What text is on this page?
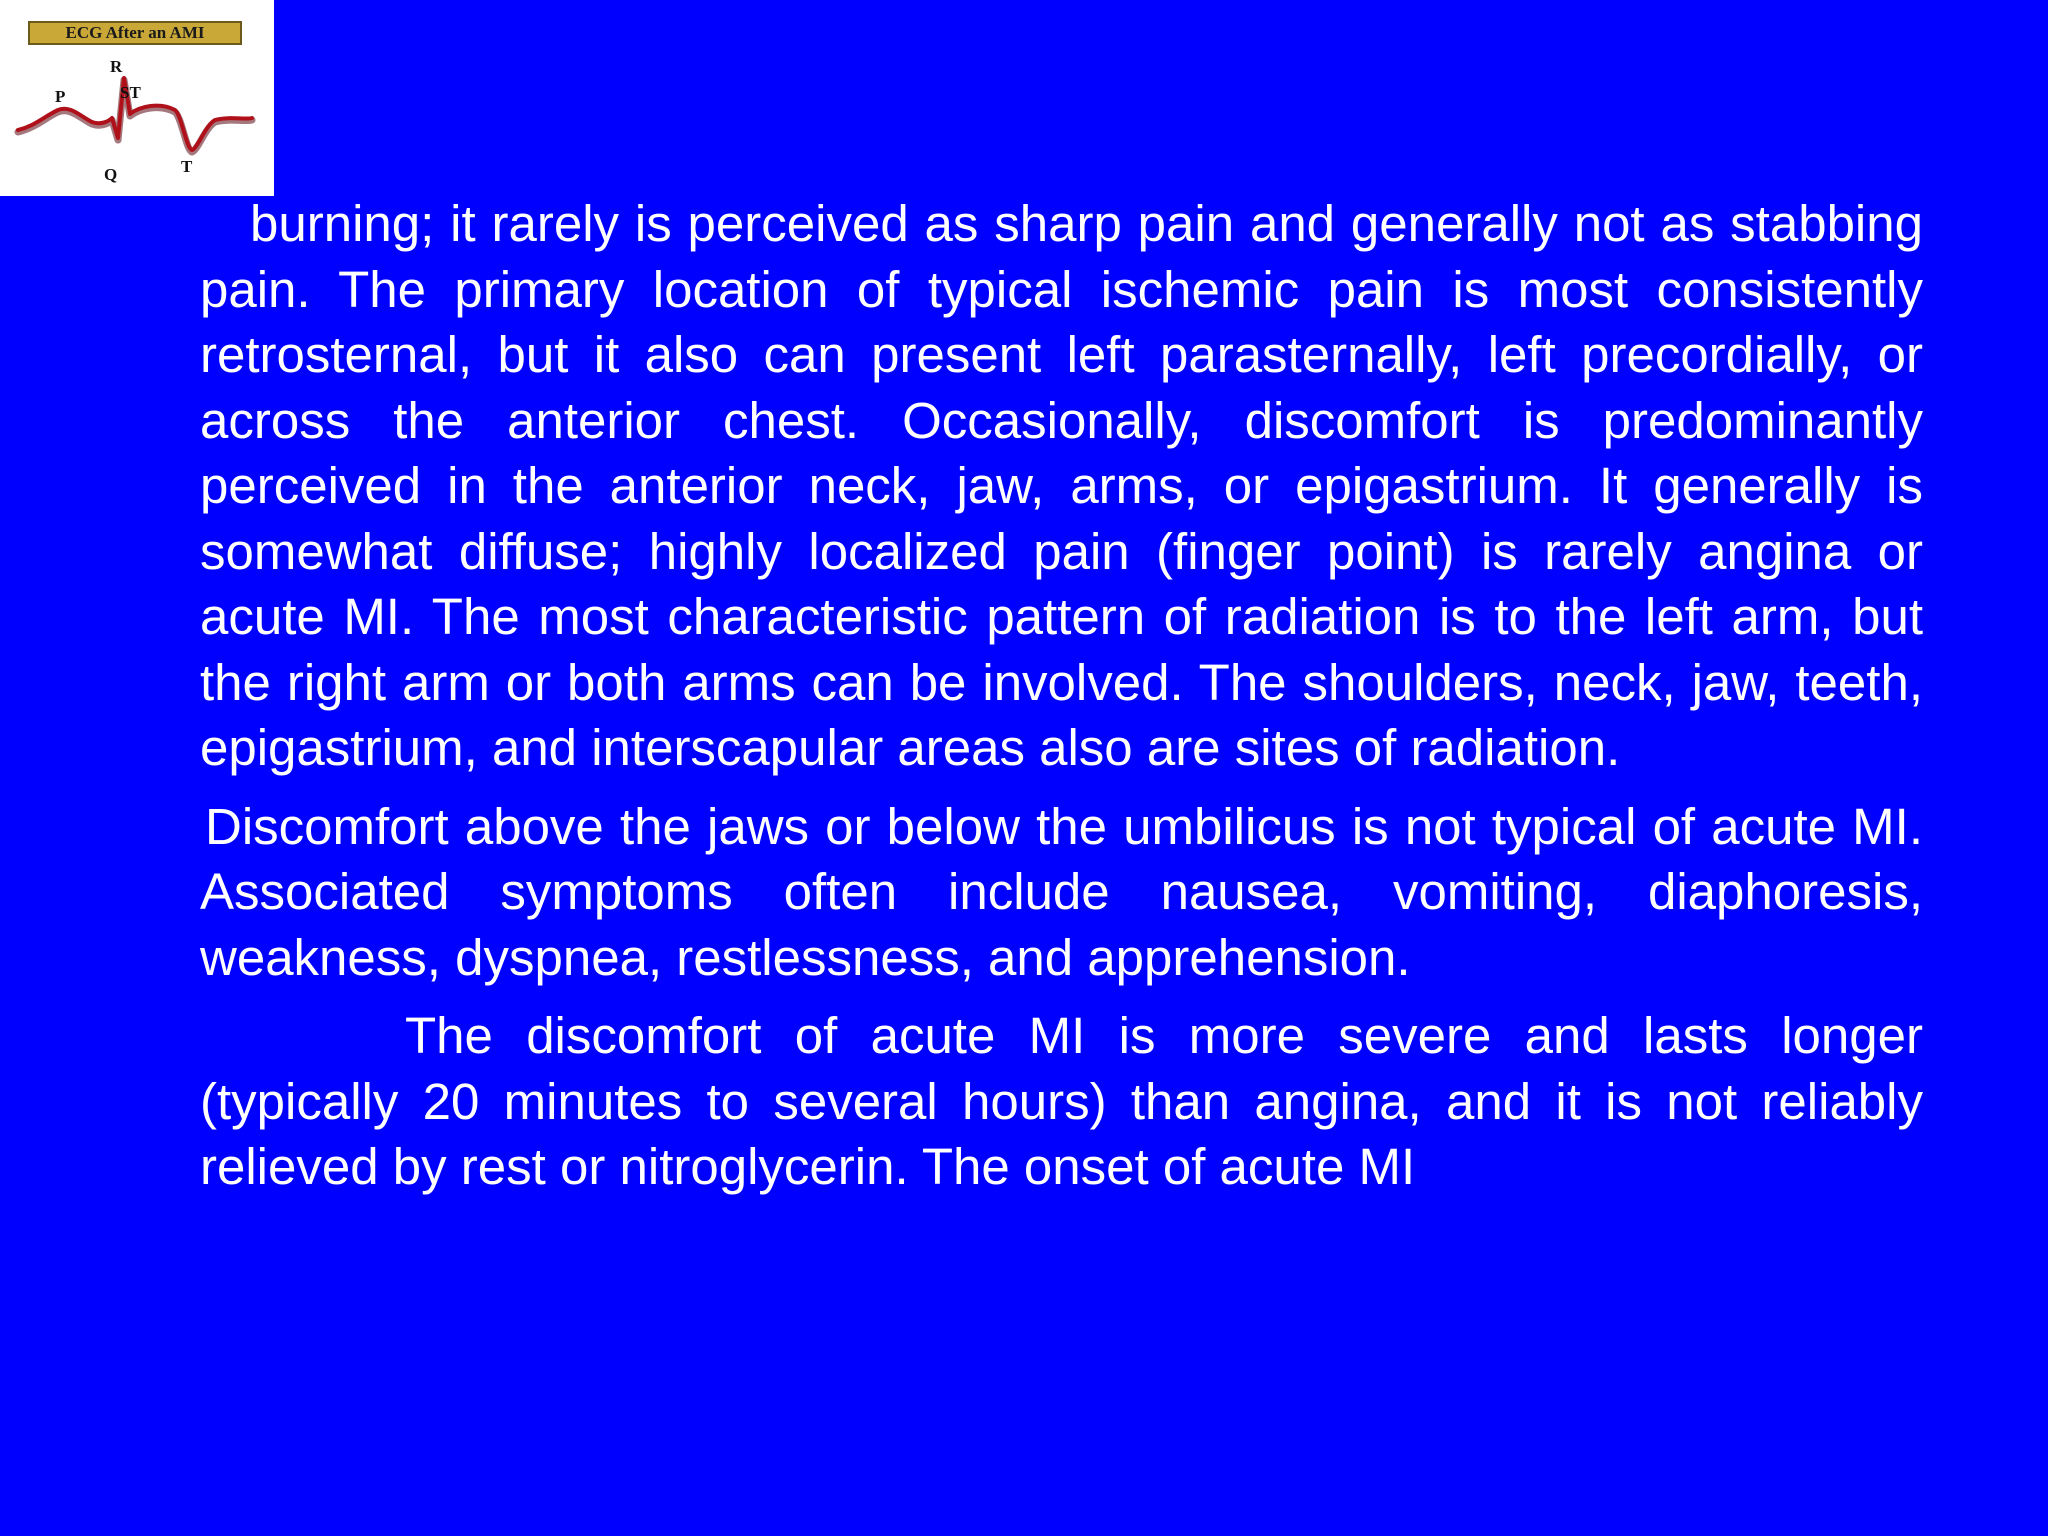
ECG After an AMI
R
P	ST
Q	T

burning; it rarely is perceived as sharp pain and generally not as stabbing pain. The primary location of typical ischemic pain is most consistently retrosternal, but it also can present left parasternally, left precordially, or across the anterior chest. Occasionally, discomfort is predominantly perceived in the anterior neck, jaw, arms, or epigastrium. It generally is somewhat diffuse; highly localized pain (finger point) is rarely angina or acute MI. The most characteristic pattern of radiation is to the left arm, but the right arm or both arms can be involved. The shoulders, neck, jaw, teeth, epigastrium, and interscapular areas also are sites of radiation.

Discomfort above the jaws or below the umbilicus is not typical of acute MI. Associated symptoms often include nausea, vomiting, diaphoresis, weakness, dyspnea, restlessness, and apprehension.

The discomfort of acute MI is more severe and lasts longer (typically 20 minutes to several hours) than angina, and it is not reliably relieved by rest or nitroglycerin. The onset of acute MI
